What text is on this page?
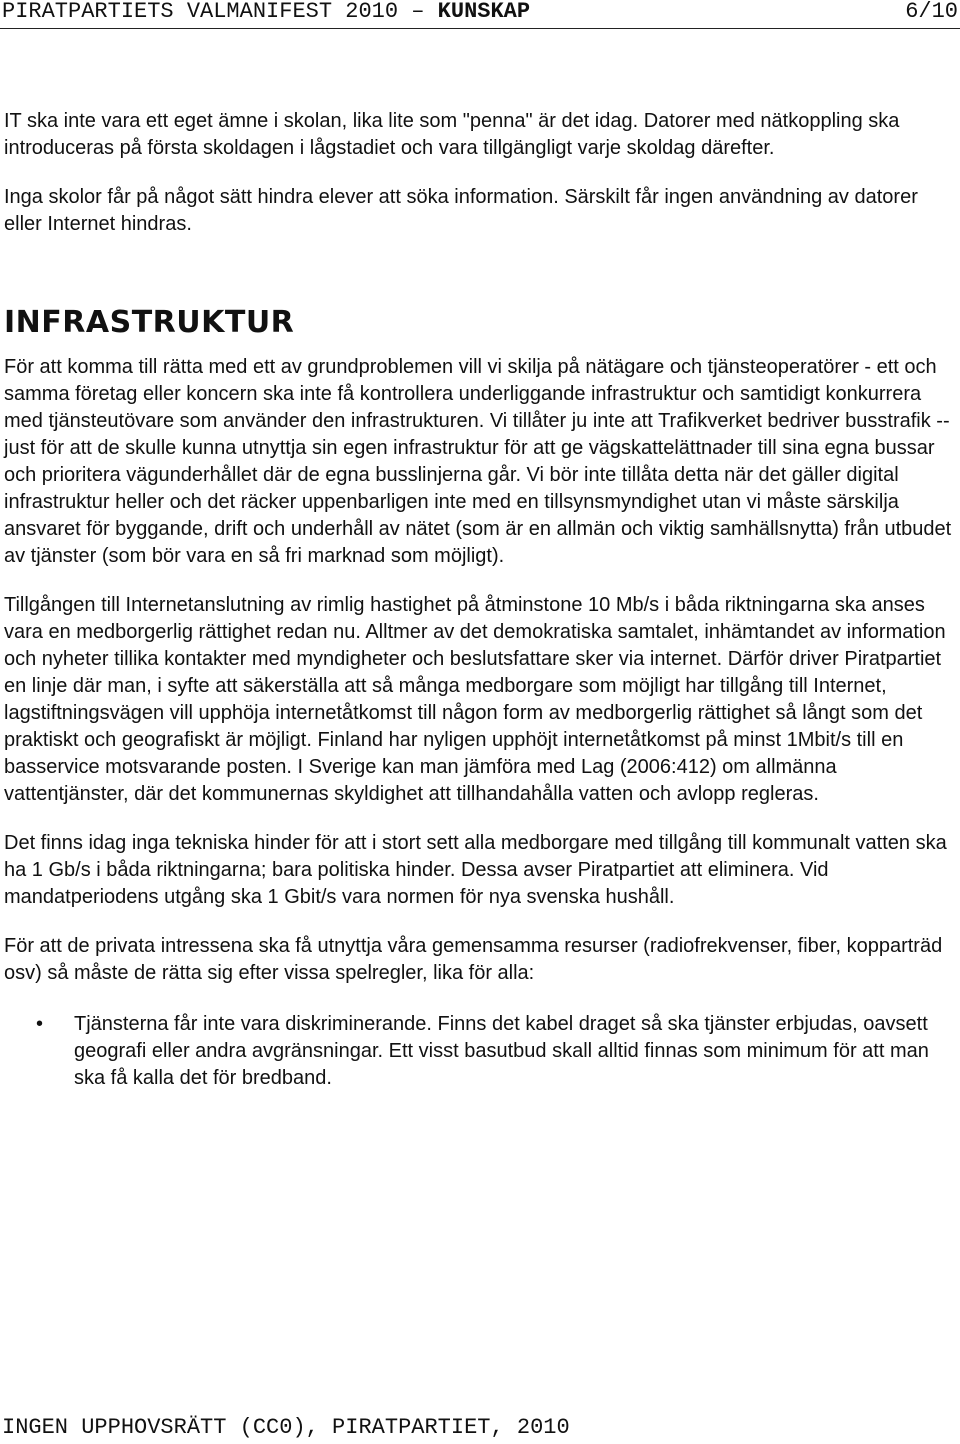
PIRATPARTIETS VALMANIFEST 2010 – KUNSKAP	6/10

IT ska inte vara ett eget ämne i skolan, lika lite som "penna" är det idag. Datorer med nätkoppling ska introduceras på första skoldagen i lågstadiet och vara tillgängligt varje skoldag därefter.

Inga skolor får på något sätt hindra elever att söka information. Särskilt får ingen användning av datorer eller Internet hindras.

INFRASTRUKTUR

För att komma till rätta med ett av grundproblemen vill vi skilja på nätägare och tjänsteoperatörer - ett och samma företag eller koncern ska inte få kontrollera underliggande infrastruktur och samtidigt konkurrera med tjänsteutövare som använder den infrastrukturen. Vi tillåter ju inte att Trafikverket bedriver busstrafik -- just för att de skulle kunna utnyttja sin egen infrastruktur för att ge vägskattelättnader till sina egna bussar och prioritera vägunderhållet där de egna busslinjerna går. Vi bör inte tillåta detta när det gäller digital infrastruktur heller och det räcker uppenbarligen inte med en tillsynsmyndighet utan vi måste särskilja ansvaret för byggande, drift och underhåll av nätet (som är en allmän och viktig samhällsnytta) från utbudet av tjänster (som bör vara en så fri marknad som möjligt).

Tillgången till Internetanslutning av rimlig hastighet på åtminstone 10 Mb/s i båda riktningarna ska anses vara en medborgerlig rättighet redan nu. Alltmer av det demokratiska samtalet, inhämtandet av information och nyheter tillika kontakter med myndigheter och beslutsfattare sker via internet. Därför driver Piratpartiet en linje där man, i syfte att säkerställa att så många medborgare som möjligt har tillgång till Internet, lagstiftningsvägen vill upphöja internetåtkomst till någon form av medborgerlig rättighet så långt som det praktiskt och geografiskt är möjligt. Finland har nyligen upphöjt internetåtkomst på minst 1Mbit/s till en basservice motsvarande posten. I Sverige kan man jämföra med Lag (2006:412) om allmänna vattentjänster, där det kommunernas skyldighet att tillhandahålla vatten och avlopp regleras.

Det finns idag inga tekniska hinder för att i stort sett alla medborgare med tillgång till kommunalt vatten ska ha 1 Gb/s i båda riktningarna; bara politiska hinder. Dessa avser Piratpartiet att eliminera. Vid mandatperiodens utgång ska 1 Gbit/s vara normen för nya svenska hushåll.

För att de privata intressena ska få utnyttja våra gemensamma resurser (radiofrekvenser, fiber, kopparträd osv) så måste de rätta sig efter vissa spelregler, lika för alla:

• Tjänsterna får inte vara diskriminerande. Finns det kabel draget så ska tjänster erbjudas, oavsett geografi eller andra avgränsningar. Ett visst basutbud skall alltid finnas som minimum för att man ska få kalla det för bredband.
INGEN UPPHOVSRÄTT (CC0), PIRATPARTIET, 2010
